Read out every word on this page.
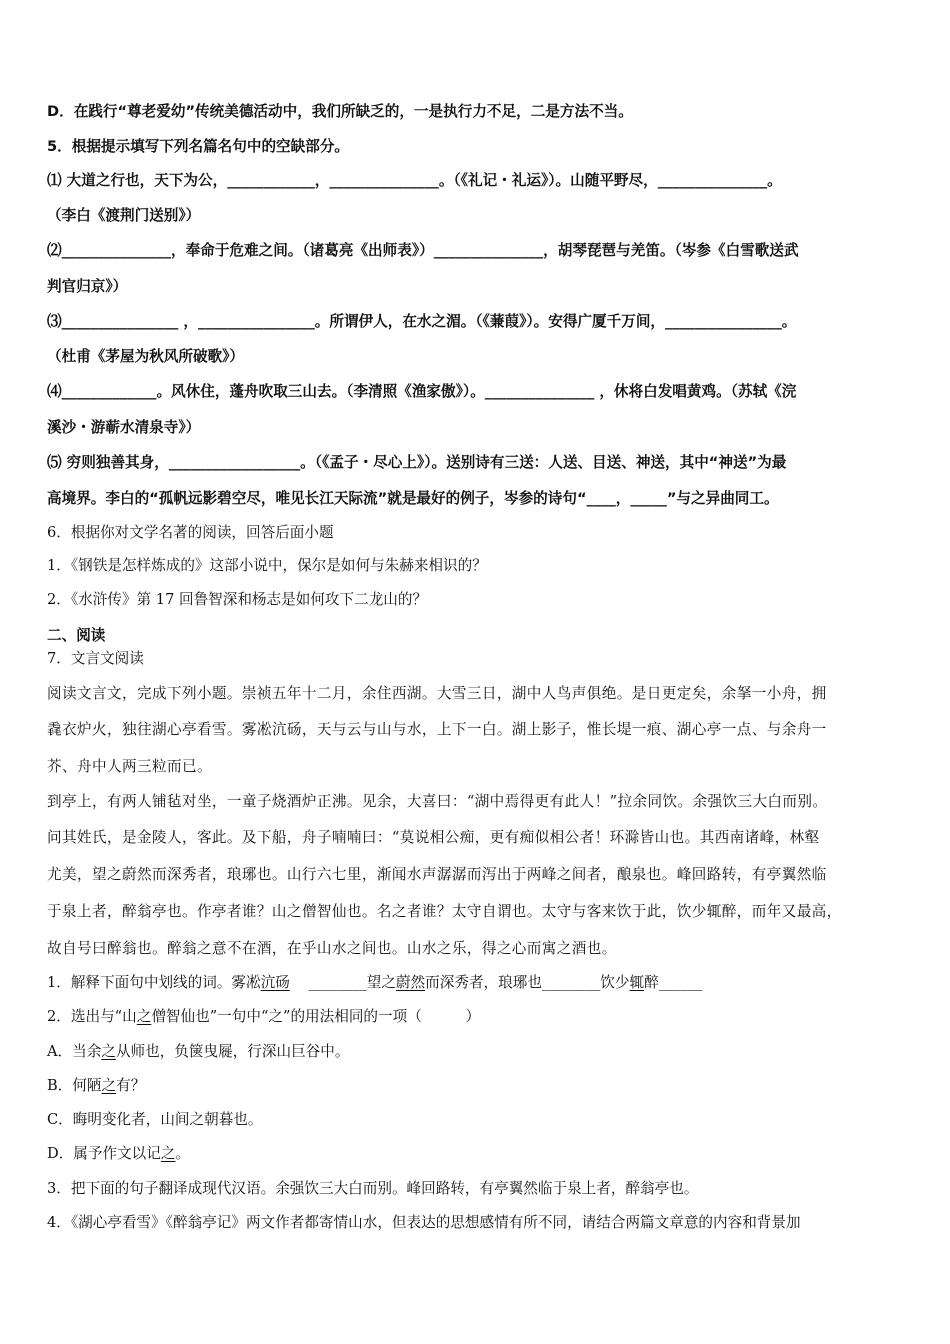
D．在践行“尊老爱幼”传统美德活动中，我们所缺乏的，一是执行力不足，二是方法不当。
5．根据提示填写下列名篇名句中的空缺部分。
⑴ 大道之行也，天下为公，____________，_______________。（《礼记・礼运》）。山随平野尽，_______________。
（李白《渡荆门送别》）
⑵_______________，奉命于危难之间。（诸葛亮《出师表》）_______________，胡琴琵琶与羌笛。（岑参《白雪歌送武
判官归京》）
⑶________________ ，________________。所谓伊人，在水之湄。（《蒹葭》）。安得广厦千万间，________________。
（杜甫《茅屋为秋风所破歌》）
⑷_____________。风休住，蓬舟吹取三山去。（李清照《渔家傲》）。_______________ ，休将白发唱黄鸡。（苏轼《浣
溪沙・游蕲水清泉寺》）
⑸ 穷则独善其身，__________________。（《孟子・尽心上》）。送别诗有三送：人送、目送、神送，其中“神送”为最
高境界。李白的“孤帆远影碧空尽，唯见长江天际流”就是最好的例子，岑参的诗句“____，_____”与之异曲同工。
6．根据你对文学名著的阅读，回答后面小题
1．《钢铁是怎样炼成的》这部小说中，保尔是如何与朱赫来相识的？
2．《水浒传》第 17 回鲁智深和杨志是如何攻下二龙山的？
二、阅读
7．文言文阅读
阅读文言文，完成下列小题。崇祯五年十二月，余住西湖。大雪三日，湖中人鸟声俱绝。是日更定矣，余拏一小舟，拥
毳衣炉火，独往湖心亭看雪。雾凇沆砀，天与云与山与水，上下一白。湖上影子，惟长堤一痕、湖心亭一点、与余舟一
芥、舟中人两三粒而已。
到亭上，有两人铺毡对坐，一童子烧酒炉正沸。见余，大喜曰：“湖中焉得更有此人！”拉余同饮。余强饮三大白而别。
问其姓氏，是金陵人，客此。及下船，舟子喃喃曰：“莫说相公痴，更有痴似相公者！环滁皆山也。其西南诸峰，林壑
尤美，望之蔚然而深秀者，琅琊也。山行六七里，渐闻水声潺潺而泻出于两峰之间者，酿泉也。峰回路转，有亭翼然临
于泉上者，醉翁亭也。作亭者谁？山之僧智仙也。名之者谁？太守自谓也。太守与客来饮于此，饮少辄醉，而年又最高，
故自号曰醉翁也。醉翁之意不在酒，在乎山水之间也。山水之乐，得之心而寓之酒也。
1．解释下面句中划线的词。雾凇沆砀 ________望之蔚然而深秀者，琅琊也________饮少辄醉______
2．选出与“山之僧智仙也”一句中“之”的用法相同的一项（　　　）
A．当余之从师也，负箧曳屣，行深山巨谷中。
B．何陋之有？
C．晦明变化者，山间之朝暮也。
D．属予作文以记之。
3．把下面的句子翻译成现代汉语。余强饮三大白而别。峰回路转，有亭翼然临于泉上者，醉翁亭也。
4．《湖心亭看雪》《醉翁亭记》两文作者都寄情山水，但表达的思想感情有所不同，请结合两篇文章意的内容和背景加
